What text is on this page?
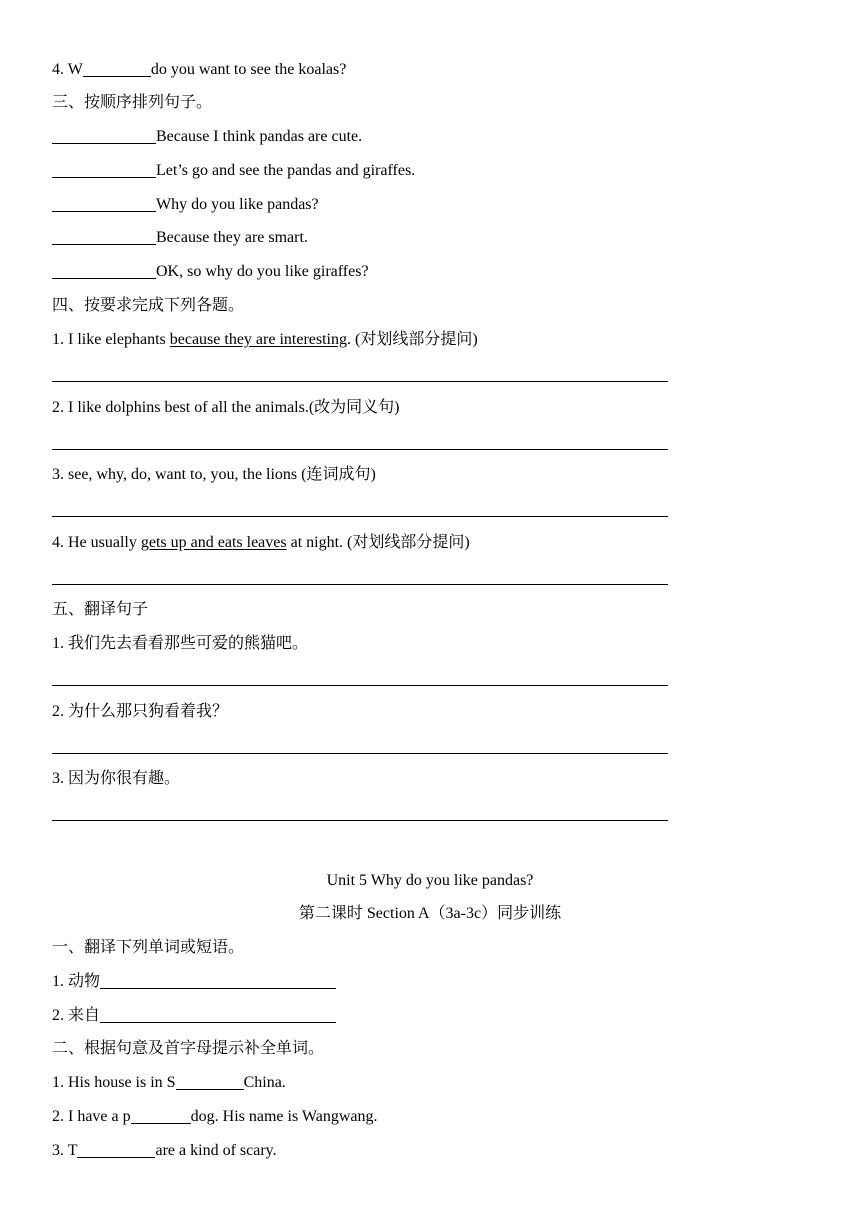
4. W	do you want to see the koalas?
三、按顺序排列句子。
Because I think pandas are cute.
Let’s go and see the pandas and giraffes.
Why do you like pandas?
Because they are smart.
OK, so why do you like giraffes?
四、按要求完成下列各题。
1. I like elephants because they are interesting. (对划线部分提问)
2. I like dolphins best of all the animals.(改为同义句)
3. see, why, do, want to, you, the lions (连词成句)
4. He usually gets up and eats leaves at night. (对划线部分提问)
五、翻译句子
1. 我们先去看看那些可爱的熊猫吧。
2. 为什么那只狗看着我？
3. 因为你很有趣。
Unit 5 Why do you like pandas?
第二课时 Section A（3a-3c）同步训练
一、翻译下列单词或短语。
1. 动物
2. 来自
二、根据句意及首字母提示补全单词。
1. His house is in S	China.
2. I have a p	dog. His name is Wangwang.
3. T	are a kind of scary.
